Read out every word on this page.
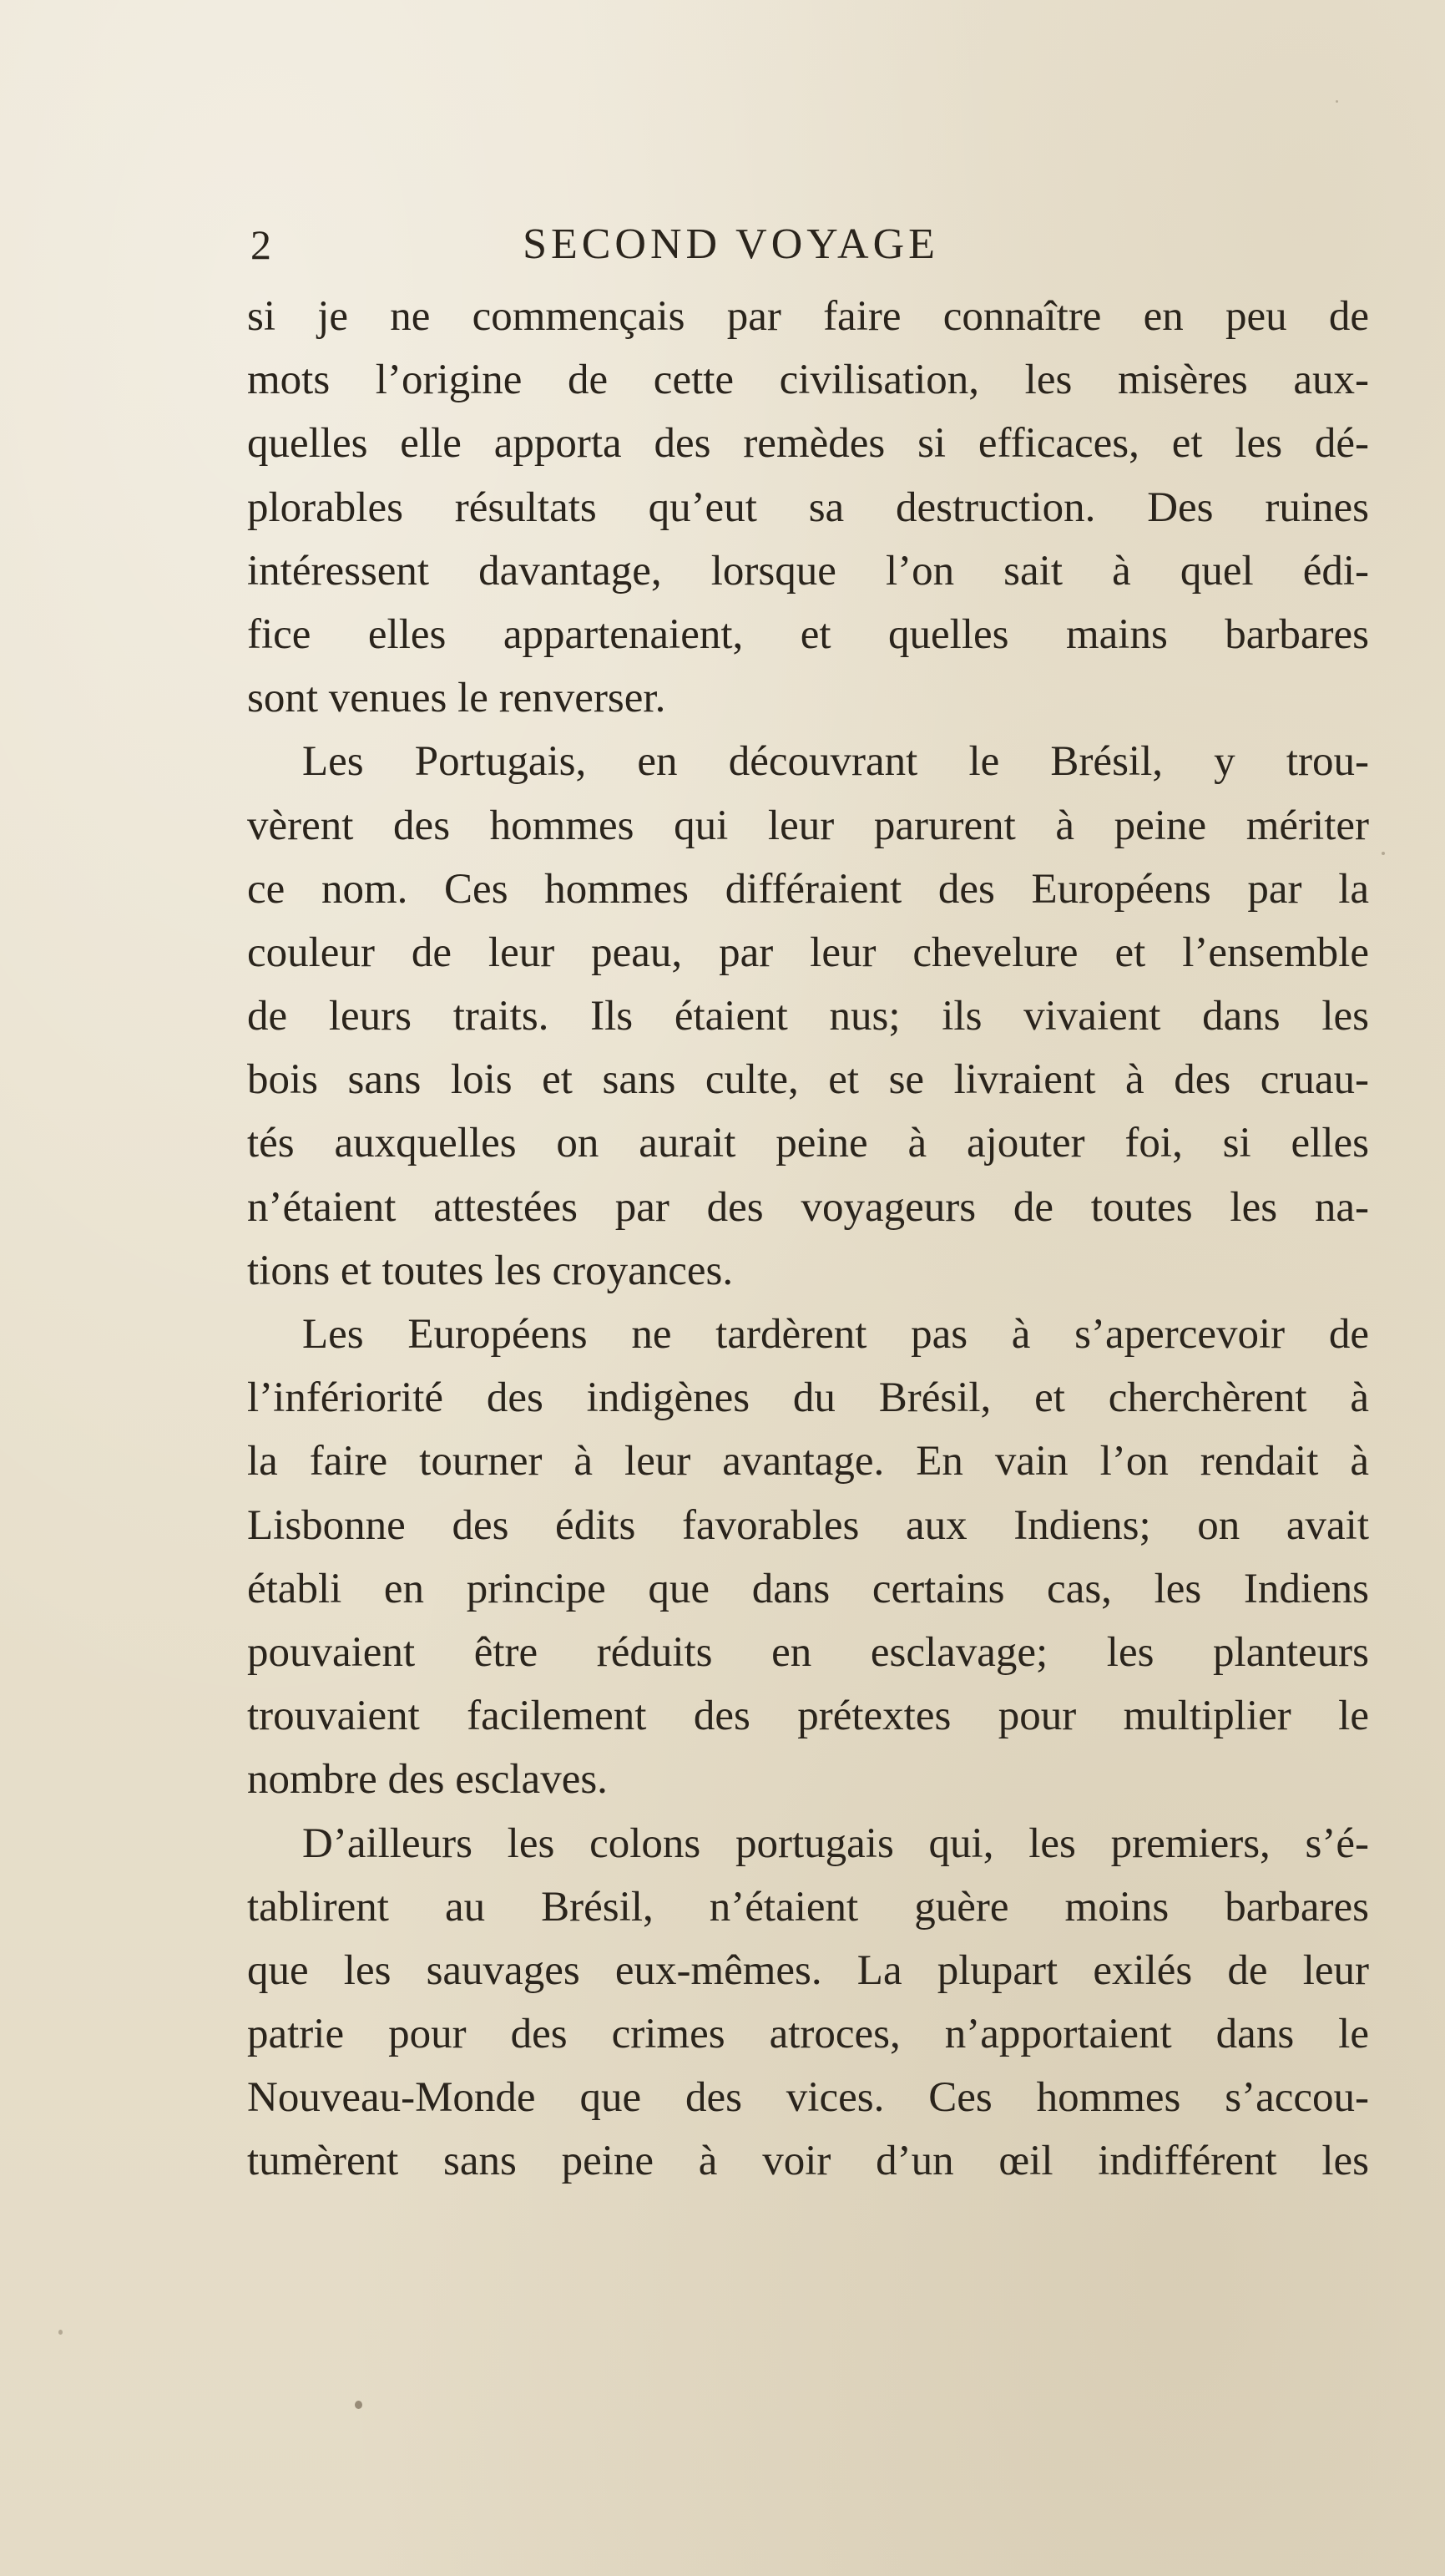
2	SECOND VOYAGE
si je ne commençais par faire connaître en peu de
mots l’origine de cette civilisation, les misères aux-
quelles elle apporta des remèdes si efficaces, et les dé-
plorables résultats qu’eut sa destruction. Des ruines
intéressent davantage, lorsque l’on sait à quel édi-
fice elles appartenaient, et quelles mains barbares
sont venues le renverser.
Les Portugais, en découvrant le Brésil, y trou-
vèrent des hommes qui leur parurent à peine mériter
ce nom. Ces hommes différaient des Européens par la
couleur de leur peau, par leur chevelure et l’ensemble
de leurs traits. Ils étaient nus; ils vivaient dans les
bois sans lois et sans culte, et se livraient à des cruau-
tés auxquelles on aurait peine à ajouter foi, si elles
n’étaient attestées par des voyageurs de toutes les na-
tions et toutes les croyances.
Les Européens ne tardèrent pas à s’apercevoir de
l’infériorité des indigènes du Brésil, et cherchèrent à
la faire tourner à leur avantage. En vain l’on rendait à
Lisbonne des édits favorables aux Indiens; on avait
établi en principe que dans certains cas, les Indiens
pouvaient être réduits en esclavage; les planteurs
trouvaient facilement des prétextes pour multiplier le
nombre des esclaves.
D’ailleurs les colons portugais qui, les premiers, s’é-
tablirent au Brésil, n’étaient guère moins barbares
que les sauvages eux-mêmes. La plupart exilés de leur
patrie pour des crimes atroces, n’apportaient dans le
Nouveau-Monde que des vices. Ces hommes s’accou-
tumèrent sans peine à voir d’un œil indifférent les
